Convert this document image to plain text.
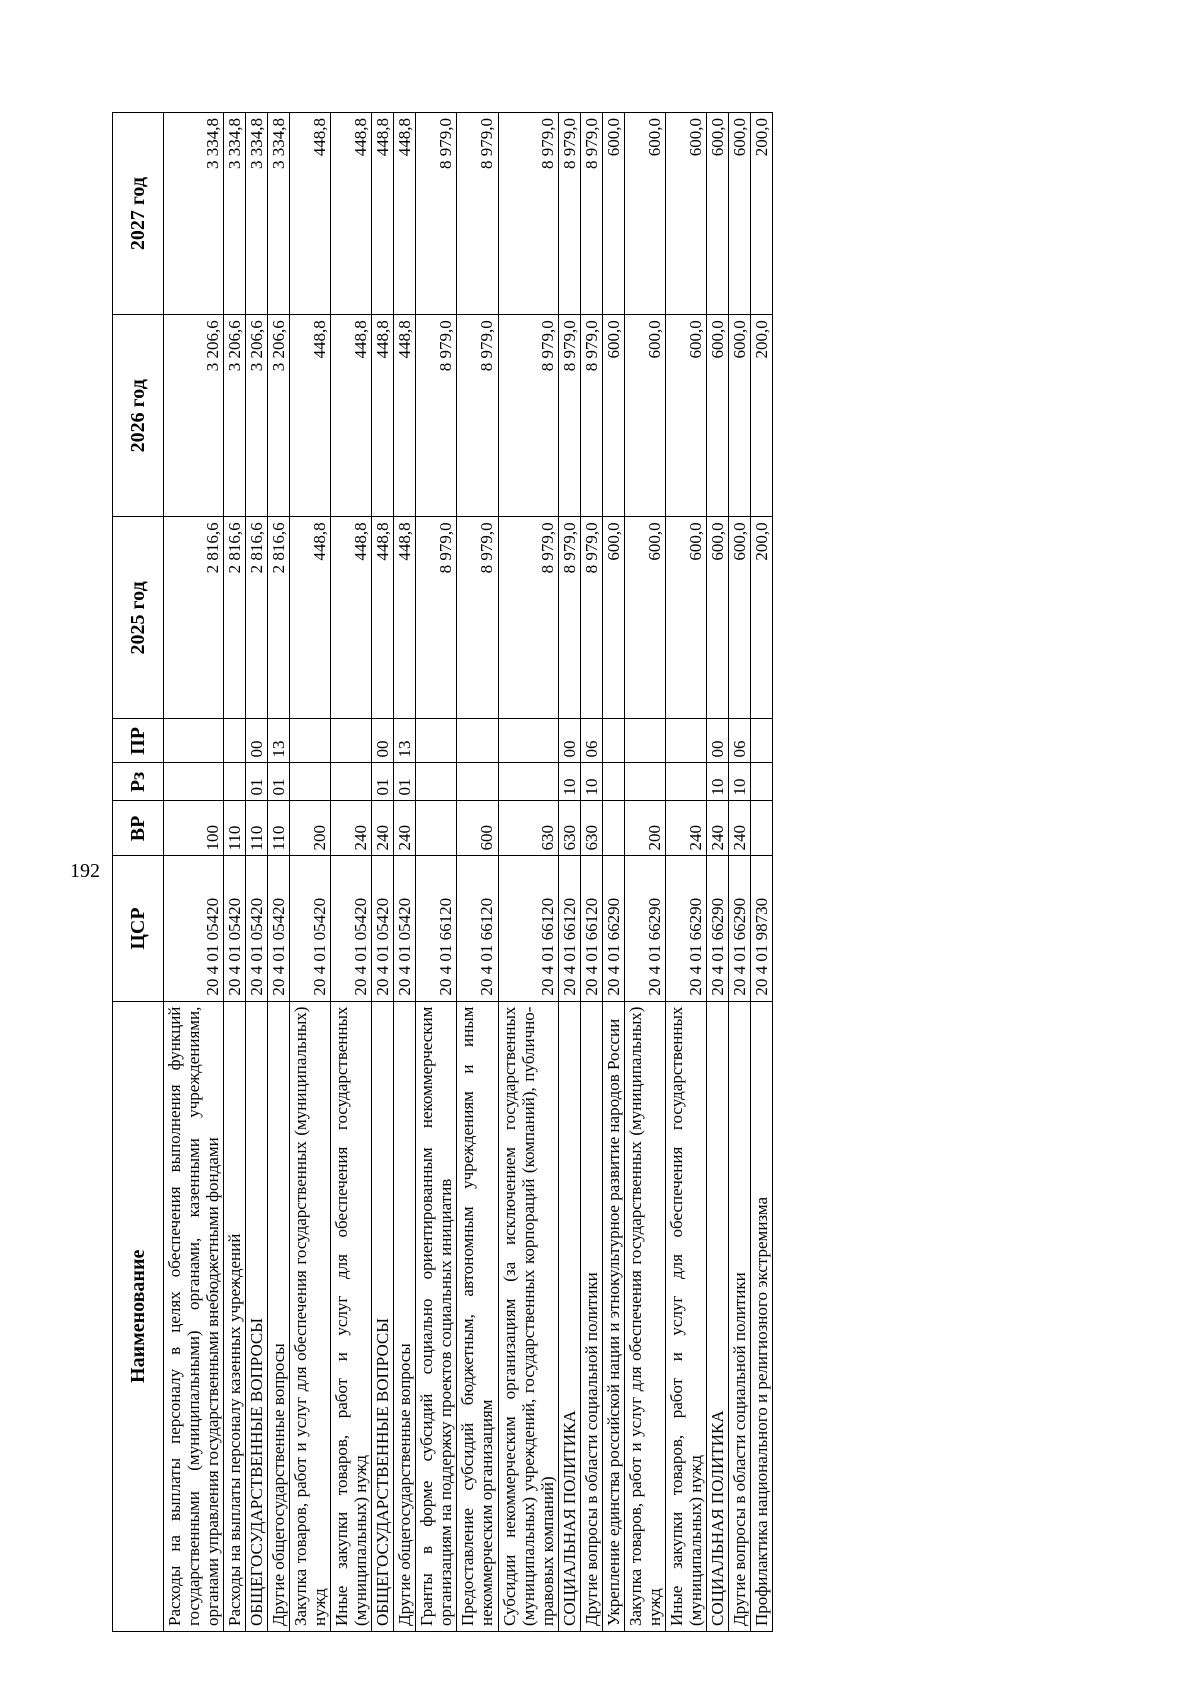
192
Наименование	ЦСР	ВР	Рз	ПР	2025 год	2026 год	2027 год
Расходы на выплаты персоналу в целях обеспечения выполнения функций государственными (муниципальными) органами, казенными учреждениями, органами управления государственными внебюджетными фондами	20 4 01 05420	100			2 816,6	3 206,6	3 334,8
Расходы на выплаты персоналу казенных учреждений	20 4 01 05420	110			2 816,6	3 206,6	3 334,8
ОБЩЕГОСУДАРСТВЕННЫЕ ВОПРОСЫ	20 4 01 05420	110	01	00	2 816,6	3 206,6	3 334,8
Другие общегосударственные вопросы	20 4 01 05420	110	01	13	2 816,6	3 206,6	3 334,8
Закупка товаров, работ и услуг для обеспечения государственных (муниципальных) нужд	20 4 01 05420	200			448,8	448,8	448,8
Иные закупки товаров, работ и услуг для обеспечения государственных (муниципальных) нужд	20 4 01 05420	240			448,8	448,8	448,8
ОБЩЕГОСУДАРСТВЕННЫЕ ВОПРОСЫ	20 4 01 05420	240	01	00	448,8	448,8	448,8
Другие общегосударственные вопросы	20 4 01 05420	240	01	13	448,8	448,8	448,8
Гранты в форме субсидий социально ориентированным некоммерческим организациям на поддержку проектов социальных инициатив	20 4 01 66120				8 979,0	8 979,0	8 979,0
Предоставление субсидий бюджетным, автономным учреждениям и иным некоммерческим организациям	20 4 01 66120	600			8 979,0	8 979,0	8 979,0
Субсидии некоммерческим организациям (за исключением государственных (муниципальных) учреждений, государственных корпораций (компаний), публично-правовых компаний)	20 4 01 66120	630			8 979,0	8 979,0	8 979,0
СОЦИАЛЬНАЯ ПОЛИТИКА	20 4 01 66120	630	10	00	8 979,0	8 979,0	8 979,0
Другие вопросы в области социальной политики	20 4 01 66120	630	10	06	8 979,0	8 979,0	8 979,0
Укрепление единства российской нации и этнокультурное развитие народов России	20 4 01 66290				600,0	600,0	600,0
Закупка товаров, работ и услуг для обеспечения государственных (муниципальных) нужд	20 4 01 66290	200			600,0	600,0	600,0
Иные закупки товаров, работ и услуг для обеспечения государственных (муниципальных) нужд	20 4 01 66290	240			600,0	600,0	600,0
СОЦИАЛЬНАЯ ПОЛИТИКА	20 4 01 66290	240	10	00	600,0	600,0	600,0
Другие вопросы в области социальной политики	20 4 01 66290	240	10	06	600,0	600,0	600,0
Профилактика национального и религиозного экстремизма	20 4 01 98730				200,0	200,0	200,0
